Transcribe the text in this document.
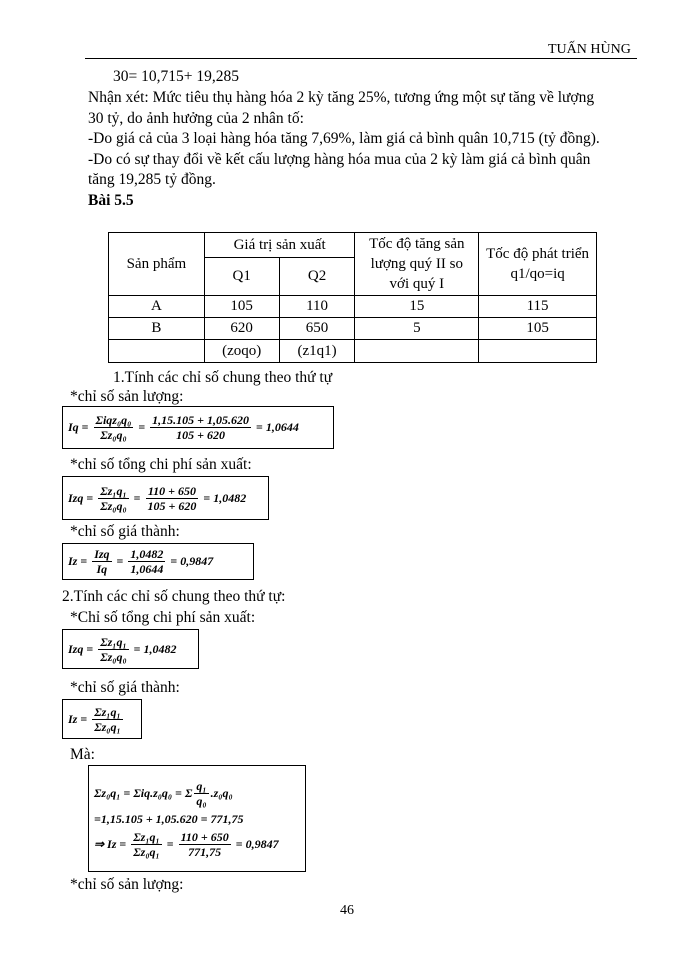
TUẤN HÙNG
30= 10,715+ 19,285
Nhận xét: Mức tiêu thụ hàng hóa 2 kỳ tăng 25%, tương ứng một sự tăng về lượng
30 tỷ, do ảnh hưởng của 2 nhân tố:
-Do giá cả của 3 loại hàng hóa tăng 7,69%, làm giá cả bình quân 10,715 (tỷ đồng).
-Do có sự thay đổi về kết cấu lượng hàng hóa mua của 2 kỳ làm giá cả bình quân
tăng 19,285 tỷ đồng.
Bài 5.5
Sản phẩm	Giá trị sản xuất		Tốc độ tăng sản lượng quý II so với quý I	Tốc độ phát triển q1/qo=iq
	Q1	Q2		
A	105	110	15	115
B	620	650	5	105
	(zoqo)	(z1q1)		
1.Tính các chỉ số chung theo thứ tự
*chỉ số sản lượng:
$Iq = \frac{\text{Σiqz₀q₀}}{\text{Σz₀q₀}} = \frac{1,15.105 + 1,05.620}{105 + 620} = 1,0644$
*chỉ số tổng chi phí sản xuất:
Izq = $\frac{\text{Σz₁q₁}}{\text{Σz₀q₀}} = \frac{110 + 650}{105 + 620} = 1,0482$
*chỉ số giá thành:
$Iz = \frac{\text{Izq}}{Iq} = \frac{1,0482}{1,0644} = 0,9847$
2.Tính các chỉ số chung theo thứ tự:
*Chỉ số tổng chi phí sản xuất:
Izq = $\frac{\text{Σz₁q₁}}{\text{Σz₀q₀}} = 1,0482$
*chỉ số giá thành:
$Iz = \frac{\text{Σz₁q₁}}{\text{Σz₀q₁}}$
Mà:
Σz₀q₁ = Σiq.z₀q₀ = Σ $\frac{\text{q₁}}{\text{q₀}} .z_0q_0$
=1,15.105 + 1,05.620 = 771,75
⇒ $Iz = \frac{\text{Σz₁q₁}}{\text{Σz₀q₁}} = \frac{110 + 650}{771,75} = 0,9847$
*chỉ số sản lượng:
46
